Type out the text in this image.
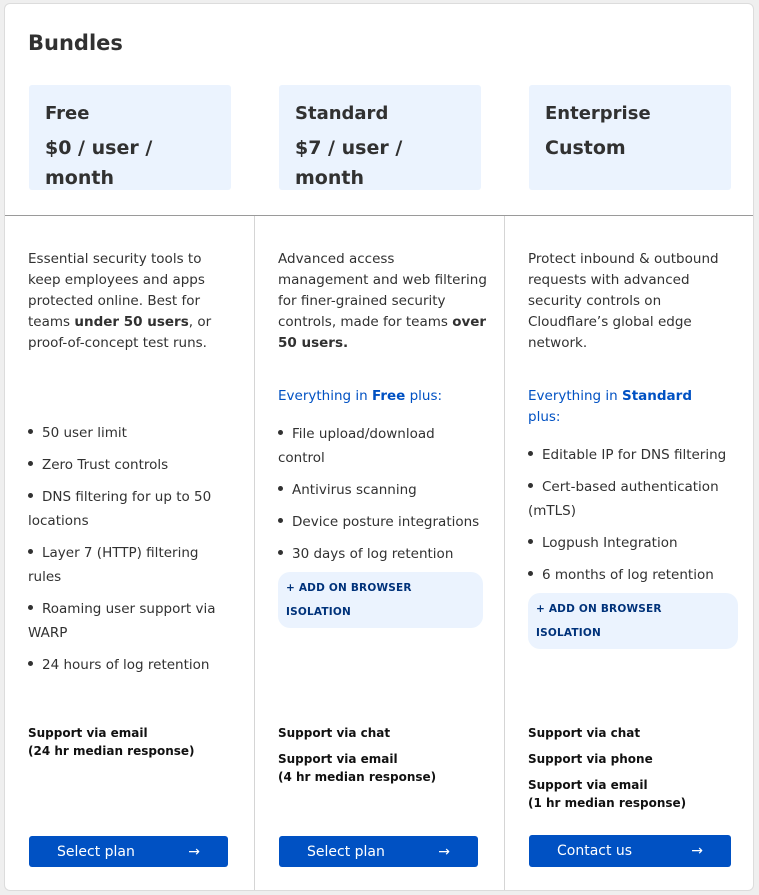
Bundles
Free
$0 / user / month
Standard
$7 / user / month
Enterprise
Custom
Essential security tools to keep employees and apps protected online. Best for teams under 50 users, or proof-of-concept test runs.
50 user limit
Zero Trust controls
DNS filtering for up to 50 locations
Layer 7 (HTTP) filtering rules
Roaming user support via WARP
24 hours of log retention
Support via email
(24 hr median response)
Select plan	→
Advanced access management and web filtering for finer-grained security controls, made for teams over 50 users.
Everything in Free plus:
File upload/download control
Antivirus scanning
Device posture integrations
30 days of log retention
+ ADD ON BROWSER ISOLATION
Support via chat
Support via email
(4 hr median response)
Select plan	→
Protect inbound & outbound requests with advanced security controls on Cloudflare’s global edge network.
Everything in Standard plus:
Editable IP for DNS filtering
Cert-based authentication (mTLS)
Logpush Integration
6 months of log retention
+ ADD ON BROWSER ISOLATION
Support via chat
Support via phone
Support via email
(1 hr median response)
Contact us	→
